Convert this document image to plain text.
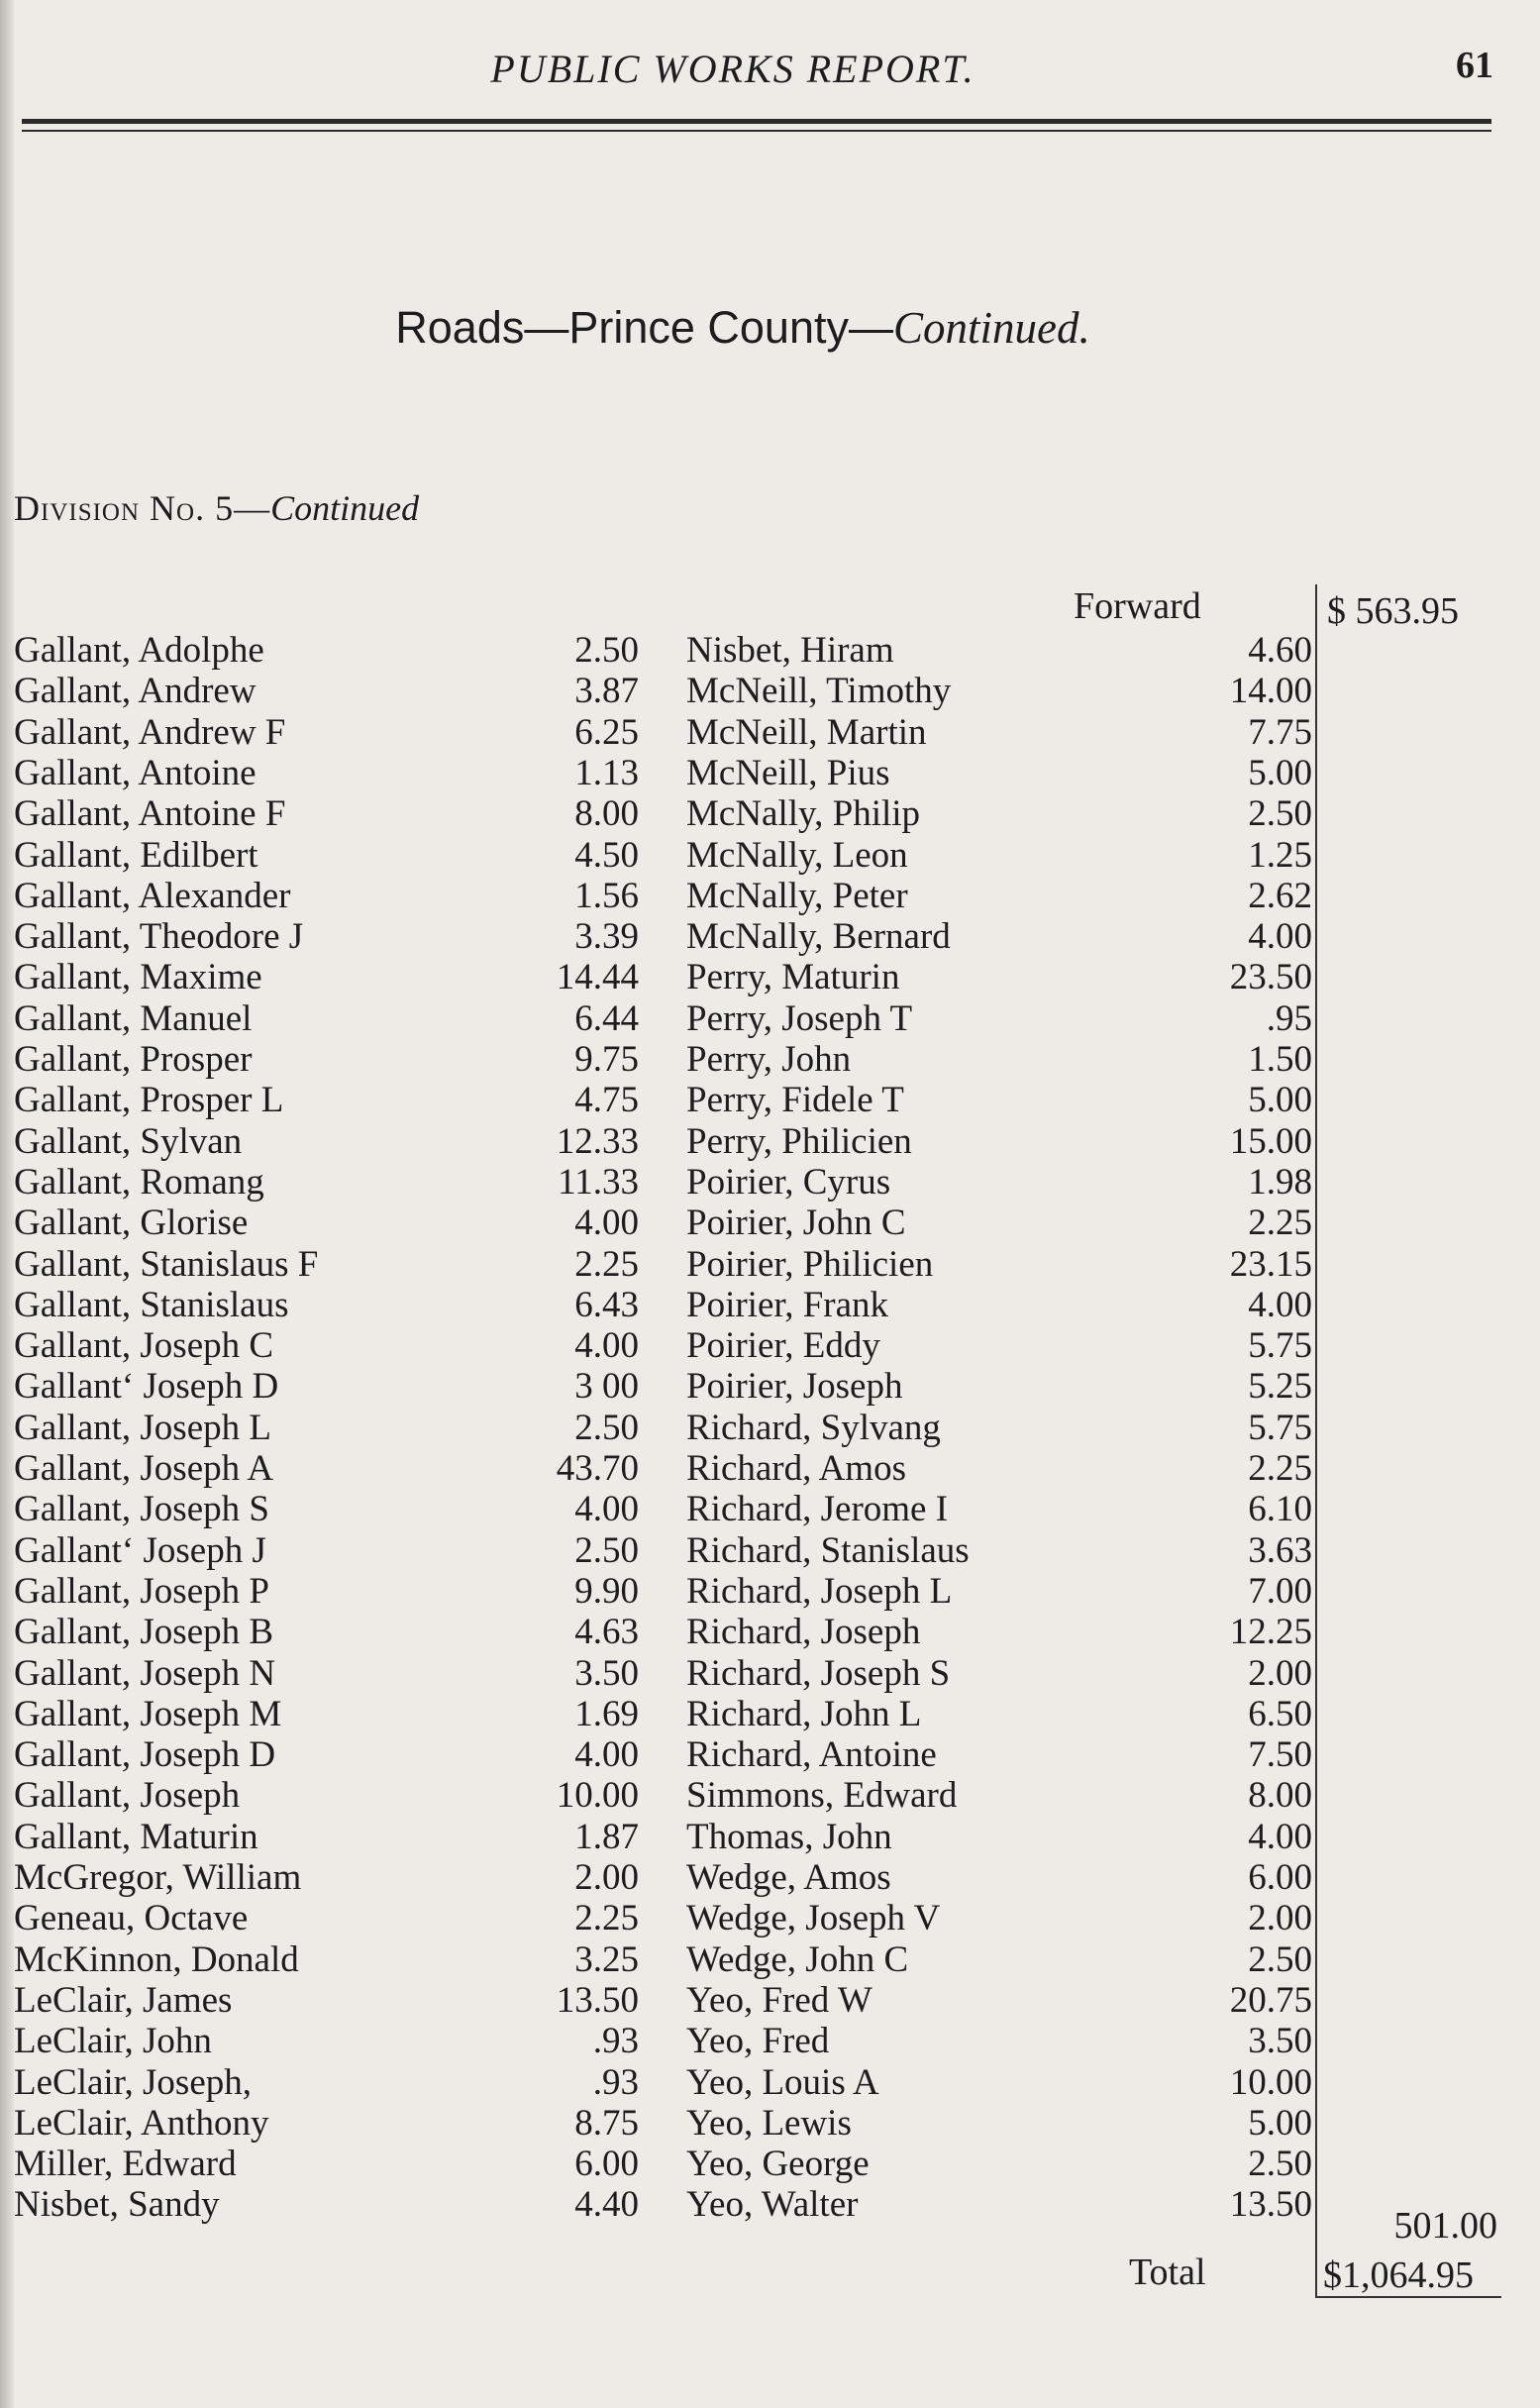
PUBLIC WORKS REPORT.	61
Roads—Prince County—Continued.
Division No. 5—Continued
Forward	$ 563.95
Gallant, Adolphe	2.50
Gallant, Andrew	3.87
Gallant, Andrew F	6.25
Gallant, Antoine	1.13
Gallant, Antoine F	8.00
Gallant, Edilbert	4.50
Gallant, Alexander	1.56
Gallant, Theodore J	3.39
Gallant, Maxime	14.44
Gallant, Manuel	6.44
Gallant, Prosper	9.75
Gallant, Prosper L	4.75
Gallant, Sylvan	12.33
Gallant, Romang	11.33
Gallant, Glorise	4.00
Gallant, Stanislaus F	2.25
Gallant, Stanislaus	6.43
Gallant, Joseph C	4.00
Gallant‘ Joseph D	3 00
Gallant, Joseph L	2.50
Gallant, Joseph A	43.70
Gallant, Joseph S	4.00
Gallant‘ Joseph J	2.50
Gallant, Joseph P	9.90
Gallant, Joseph B	4.63
Gallant, Joseph N	3.50
Gallant, Joseph M	1.69
Gallant, Joseph D	4.00
Gallant, Joseph	10.00
Gallant, Maturin	1.87
McGregor, William	2.00
Geneau, Octave	2.25
McKinnon, Donald	3.25
LeClair, James	13.50
LeClair, John	.93
LeClair, Joseph,	.93
LeClair, Anthony	8.75
Miller, Edward	6.00
Nisbet, Sandy	4.40
Nisbet, Hiram	4.60
McNeill, Timothy	14.00
McNeill, Martin	7.75
McNeill, Pius	5.00
McNally, Philip	2.50
McNally, Leon	1.25
McNally, Peter	2.62
McNally, Bernard	4.00
Perry, Maturin	23.50
Perry, Joseph T	.95
Perry, John	1.50
Perry, Fidele T	5.00
Perry, Philicien	15.00
Poirier, Cyrus	1.98
Poirier, John C	2.25
Poirier, Philicien	23.15
Poirier, Frank	4.00
Poirier, Eddy	5.75
Poirier, Joseph	5.25
Richard, Sylvang	5.75
Richard, Amos	2.25
Richard, Jerome I	6.10
Richard, Stanislaus	3.63
Richard, Joseph L	7.00
Richard, Joseph	12.25
Richard, Joseph S	2.00
Richard, John L	6.50
Richard, Antoine	7.50
Simmons, Edward	8.00
Thomas, John	4.00
Wedge, Amos	6.00
Wedge, Joseph V	2.00
Wedge, John C	2.50
Yeo, Fred W	20.75
Yeo, Fred	3.50
Yeo, Louis A	10.00
Yeo, Lewis	5.00
Yeo, George	2.50
Yeo, Walter	13.50
501.00
Total	$1,064.95
